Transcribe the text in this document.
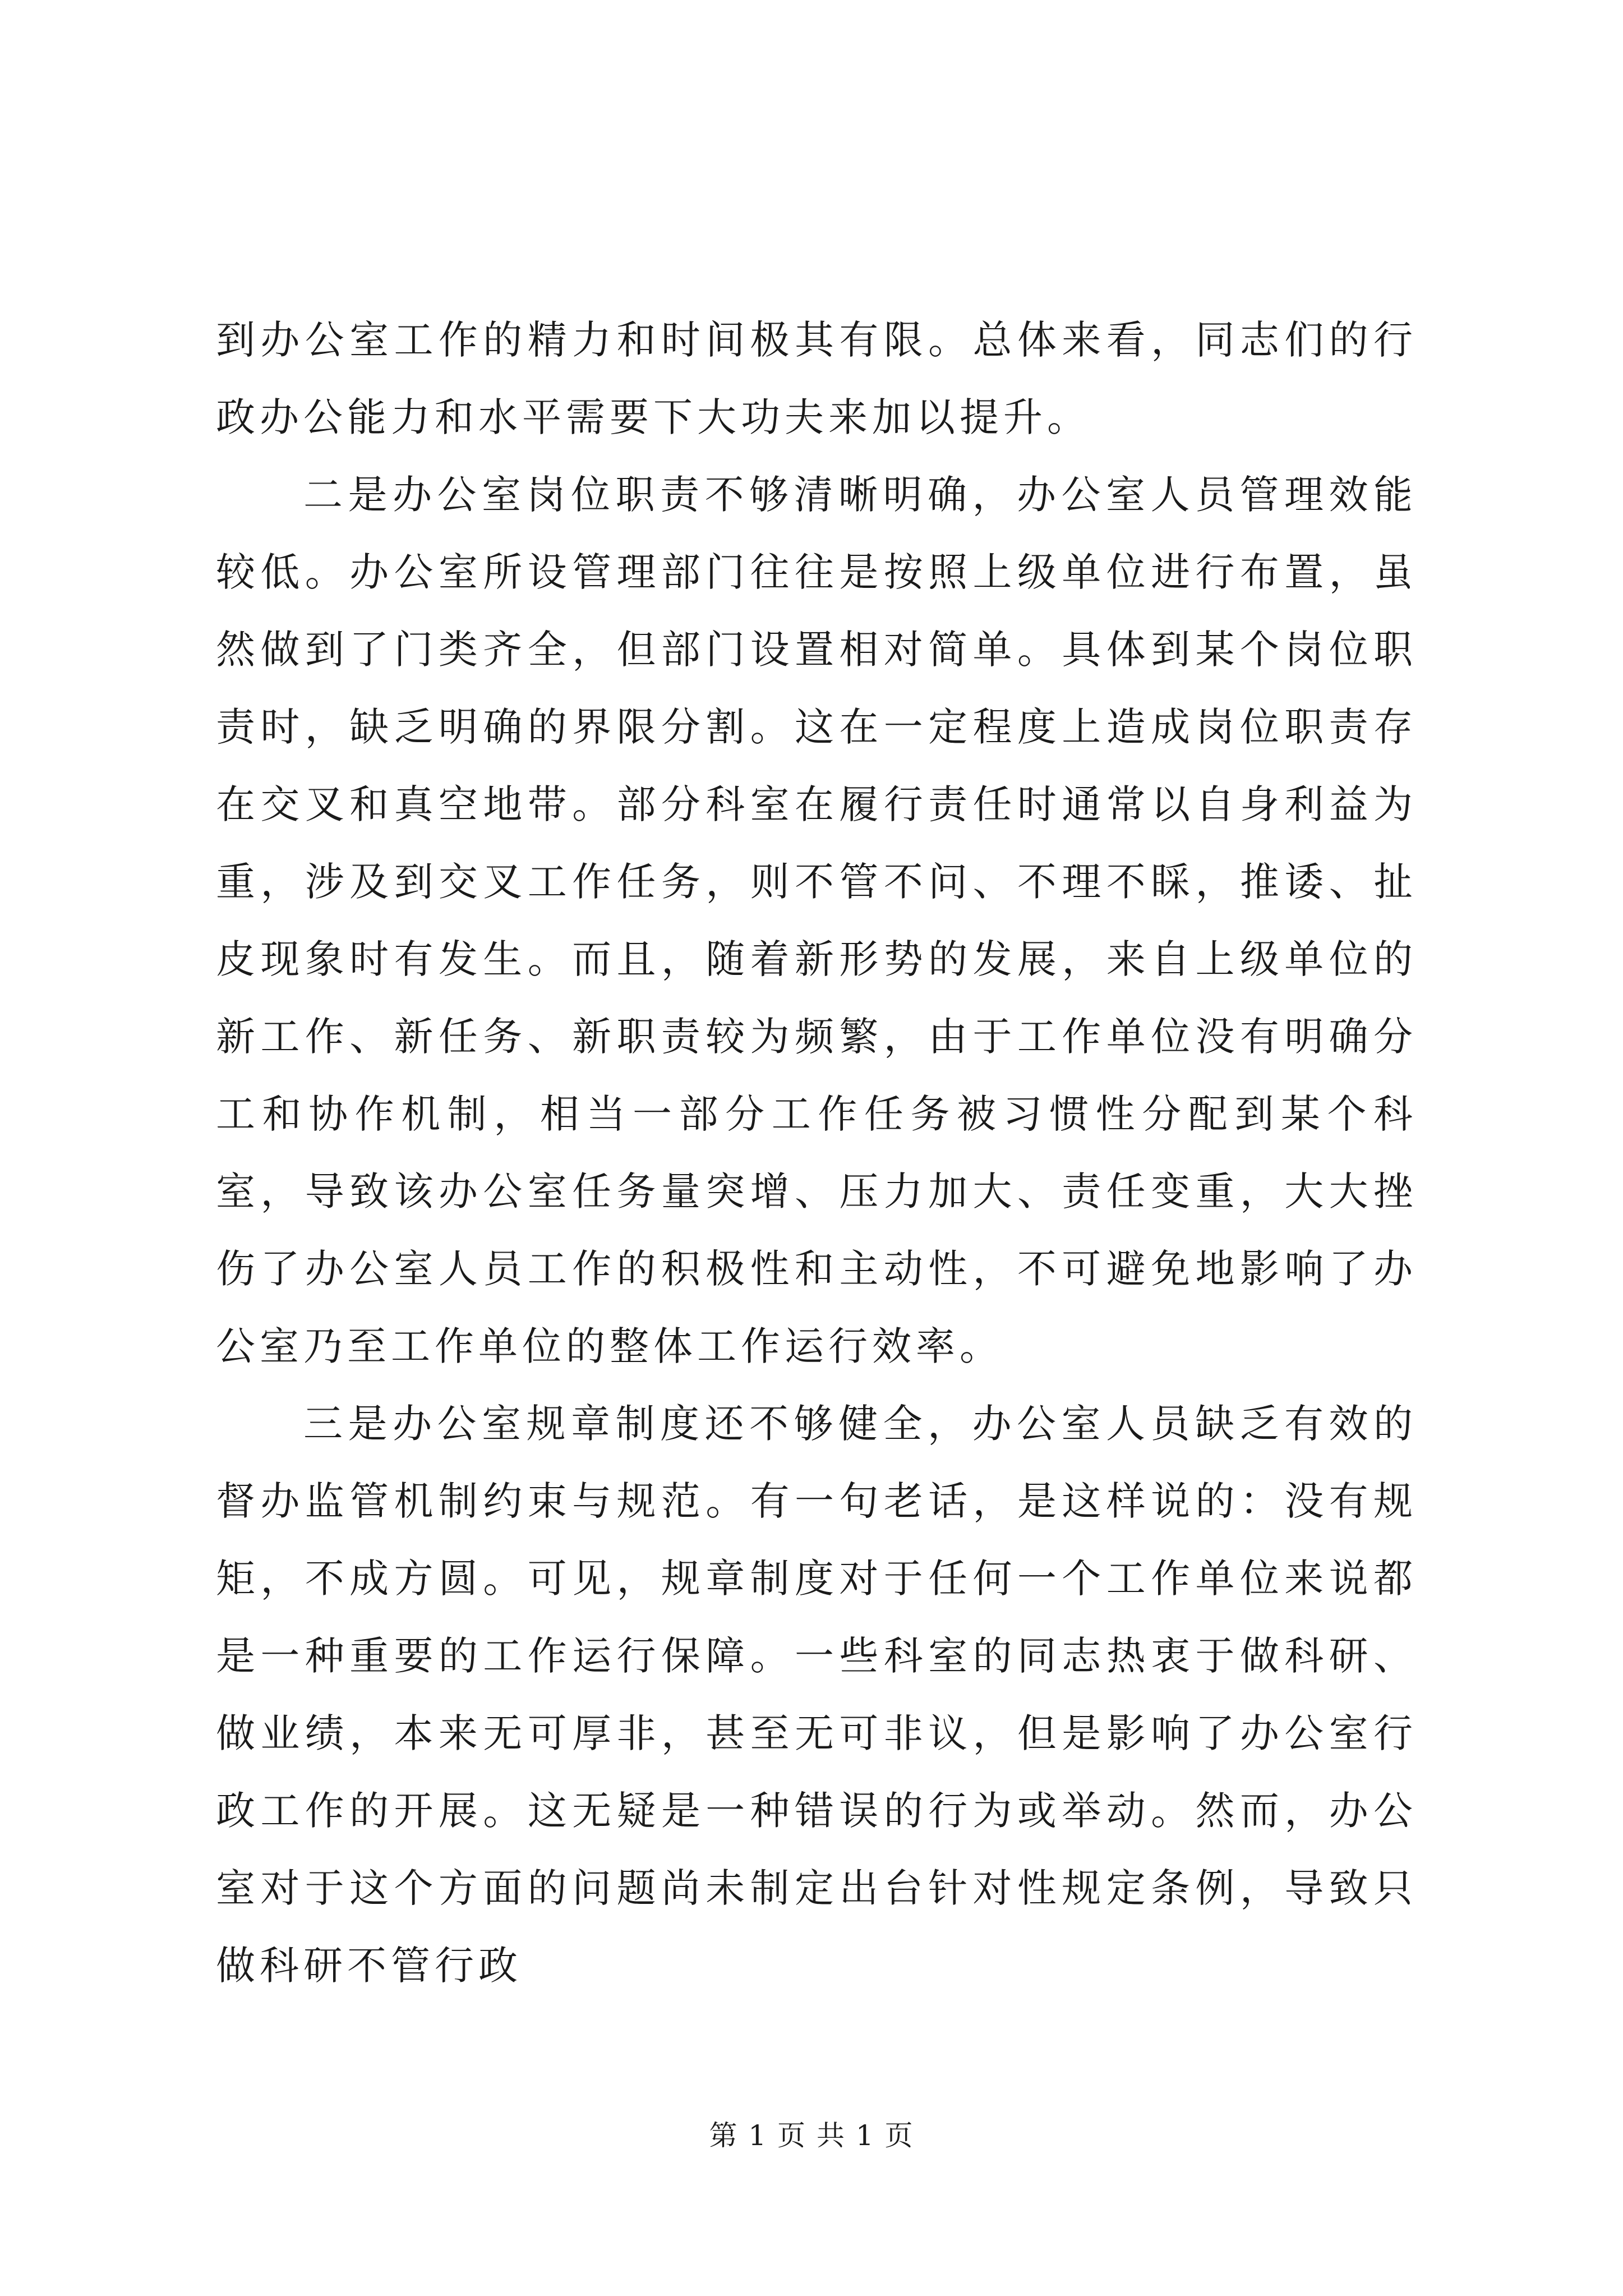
到办公室工作的精力和时间极其有限。总体来看，同志们的行政办公能力和水平需要下大功夫来加以提升。

二是办公室岗位职责不够清晰明确，办公室人员管理效能较低。办公室所设管理部门往往是按照上级单位进行布置，虽然做到了门类齐全，但部门设置相对简单。具体到某个岗位职责时，缺乏明确的界限分割。这在一定程度上造成岗位职责存在交叉和真空地带。部分科室在履行责任时通常以自身利益为重，涉及到交叉工作任务，则不管不问、不理不睬，推诿、扯皮现象时有发生。而且，随着新形势的发展，来自上级单位的新工作、新任务、新职责较为频繁，由于工作单位没有明确分工和协作机制，相当一部分工作任务被习惯性分配到某个科室，导致该办公室任务量突增、压力加大、责任变重，大大挫伤了办公室人员工作的积极性和主动性，不可避免地影响了办公室乃至工作单位的整体工作运行效率。

三是办公室规章制度还不够健全，办公室人员缺乏有效的督办监管机制约束与规范。有一句老话，是这样说的：没有规矩，不成方圆。可见，规章制度对于任何一个工作单位来说都是一种重要的工作运行保障。一些科室的同志热衷于做科研、做业绩，本来无可厚非，甚至无可非议，但是影响了办公室行政工作的开展。这无疑是一种错误的行为或举动。然而，办公室对于这个方面的问题尚未制定出台针对性规定条例，导致只做科研不管行政

第 1 页 共 1 页
